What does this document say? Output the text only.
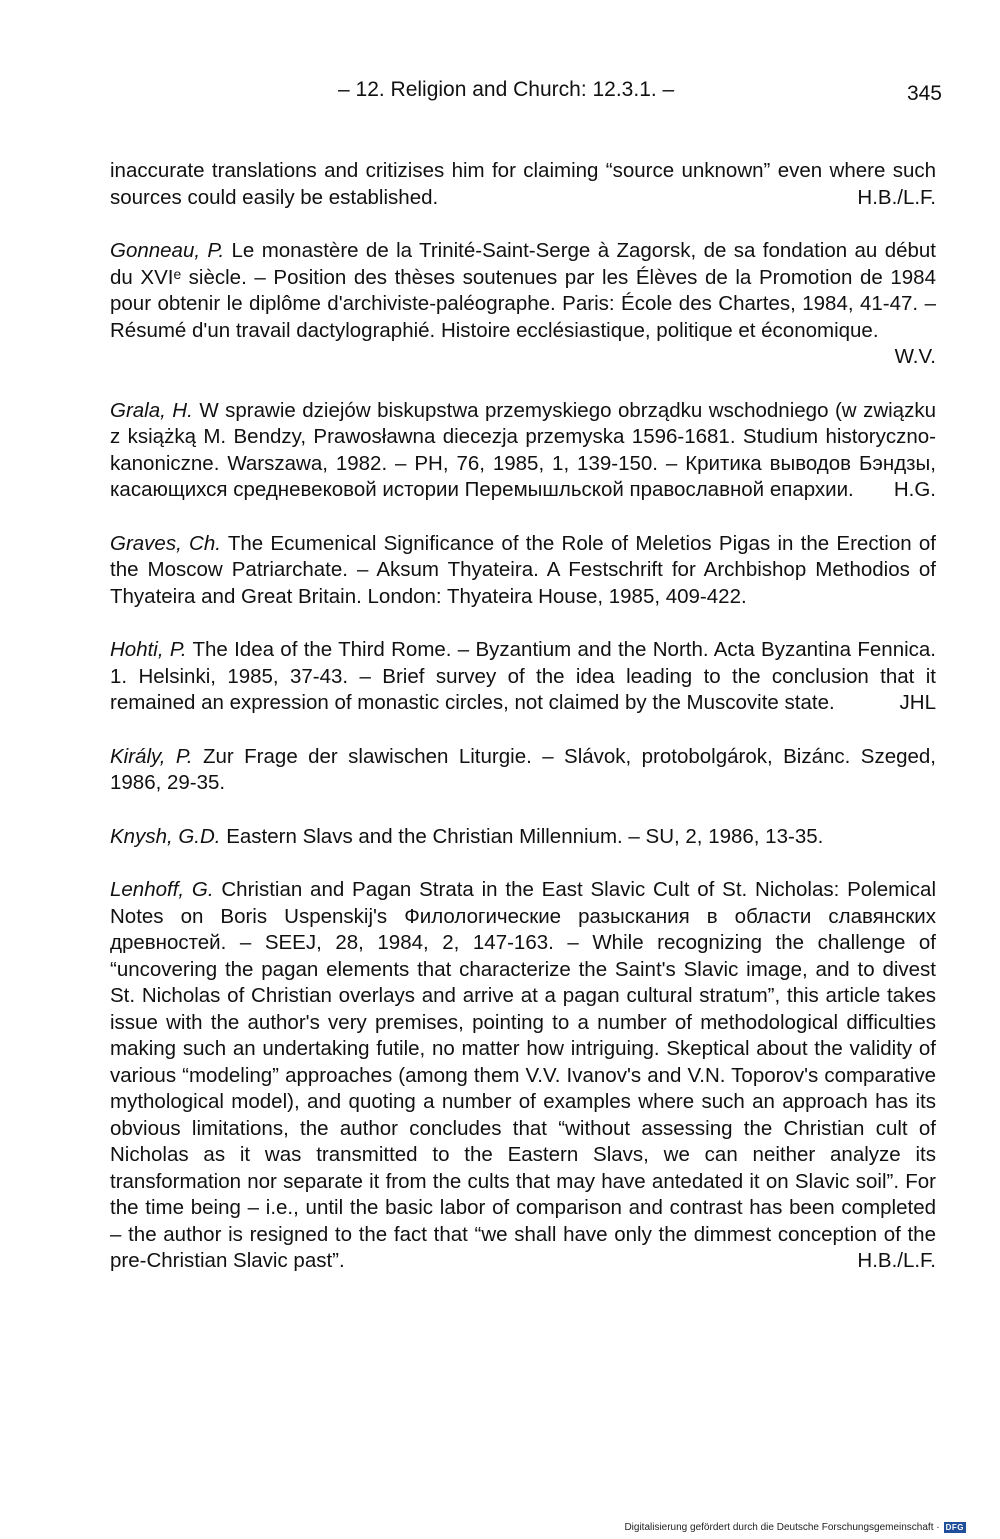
– 12. Religion and Church: 12.3.1. –	345

inaccurate translations and critizises him for claiming “source unknown” even where such sources could easily be established.	H.B./L.F.

Gonneau, P. Le monastère de la Trinité-Saint-Serge à Zagorsk, de sa fondation au début du XVIᵉ siècle. – Position des thèses soutenues par les Élèves de la Promotion de 1984 pour obtenir le diplôme d'archiviste-paléographe. Paris: École des Chartes, 1984, 41-47. – Résumé d'un travail dactylographié. Histoire ecclésiastique, politique et économique.
W.V.

Grala, H. W sprawie dziejów biskupstwa przemyskiego obrządku wschodniego (w związku z książką M. Bendzy, Prawosławna diecezja przemyska 1596-1681. Studium historyczno-kanoniczne. Warszawa, 1982. – PH, 76, 1985, 1, 139-150. – Критика выводов Бэндзы, касающихся средневековой истории Перемышльской православной епархии. H.G.

Graves, Ch. The Ecumenical Significance of the Role of Meletios Pigas in the Erection of the Moscow Patriarchate. – Aksum Thyateira. A Festschrift for Archbishop Methodios of Thyateira and Great Britain. London: Thyateira House, 1985, 409-422.

Hohti, P. The Idea of the Third Rome. – Byzantium and the North. Acta Byzantina Fennica. 1. Helsinki, 1985, 37-43. – Brief survey of the idea leading to the conclusion that it remained an expression of monastic circles, not claimed by the Muscovite state.	JHL

Király, P. Zur Frage der slawischen Liturgie. – Slávok, protobolgárok, Bizánc. Szeged, 1986, 29-35.

Knysh, G.D. Eastern Slavs and the Christian Millennium. – SU, 2, 1986, 13-35.

Lenhoff, G. Christian and Pagan Strata in the East Slavic Cult of St. Nicholas: Polemical Notes on Boris Uspenskij's Филологические разыскания в области славянских древностей. – SEEJ, 28, 1984, 2, 147-163. – While recognizing the challenge of “uncovering the pagan elements that characterize the Saint's Slavic image, and to divest St. Nicholas of Christian overlays and arrive at a pagan cultural stratum”, this article takes issue with the author's very premises, pointing to a number of methodological difficulties making such an undertaking futile, no matter how intriguing. Skeptical about the validity of various “modeling” approaches (among them V.V. Ivanov's and V.N. Toporov's comparative mythological model), and quoting a number of examples where such an approach has its obvious limitations, the author concludes that “without assessing the Christian cult of Nicholas as it was transmitted to the Eastern Slavs, we can neither analyze its transformation nor separate it from the cults that may have antedated it on Slavic soil”. For the time being – i.e., until the basic labor of comparison and contrast has been completed – the author is resigned to the fact that “we shall have only the dimmest conception of the pre-Christian Slavic past”.	H.B./L.F.

Digitalisierung gefördert durch die Deutsche Forschungsgemeinschaft · DFG
